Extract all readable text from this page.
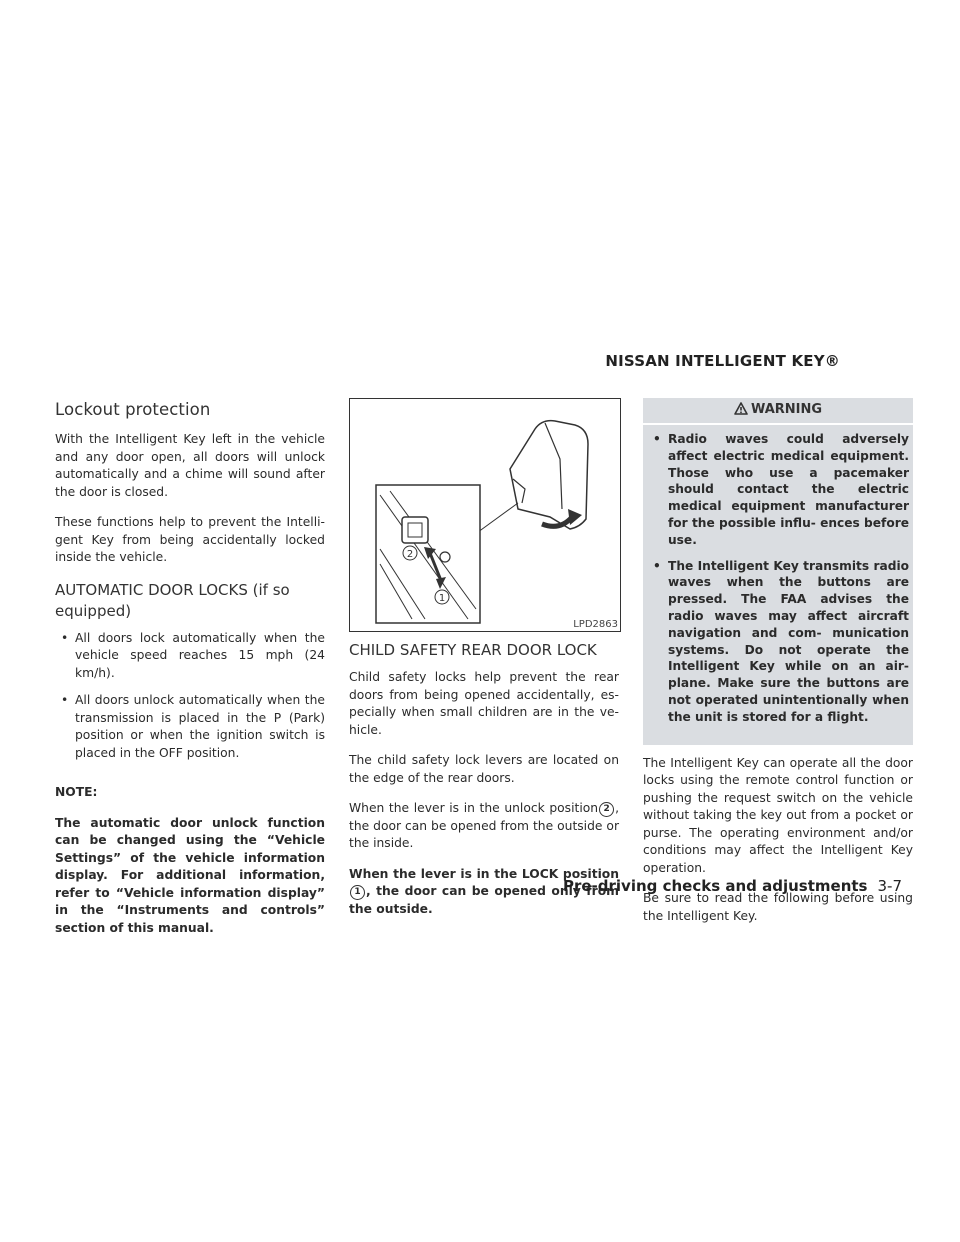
NISSAN INTELLIGENT KEY®
Lockout protection

With the Intelligent Key left in the vehicle and any door open, all doors will unlock automatically and a chime will sound after the door is closed.

These functions help to prevent the Intelli- gent Key from being accidentally locked inside the vehicle.

AUTOMATIC DOOR LOCKS (if so equipped)
• All doors lock automatically when the vehicle speed reaches 15 mph (24 km/h).
• All doors unlock automatically when the transmission is placed in the P (Park) position or when the ignition switch is placed in the OFF position.

NOTE:

The automatic door unlock function can be changed using the “Vehicle Settings” of the vehicle information display. For additional information, refer to “Vehicle information display” in the “Instruments and controls” section of this manual.

2
1
LPD2863
CHILD SAFETY REAR DOOR LOCK

Child safety locks help prevent the rear doors from being opened accidentally, es- pecially when small children are in the ve- hicle.

The child safety lock levers are located on the edge of the rear doors.

When the lever is in the unlock position 2 , the door can be opened from the outside or the inside.

When the lever is in the LOCK position1 , the door can be opened only from the outside.

WARNING
• Radio waves could adversely affect electric medical equipment. Those who use a pacemaker should contact the electric medical equipment manufacturer for the possible influ- ences before use.
• The Intelligent Key transmits radio waves when the buttons are pressed. The FAA advises the radio waves may affect aircraft navigation and com- munication systems. Do not operate the Intelligent Key while on an air- plane. Make sure the buttons are not operated unintentionally when the unit is stored for a flight.

The Intelligent Key can operate all the door locks using the remote control function or pushing the request switch on the vehicle without taking the key out from a pocket or purse. The operating environment and/or conditions may affect the Intelligent Key operation.

Be sure to read the following before using the Intelligent Key.

Pre-driving checks and adjustments 3-7
